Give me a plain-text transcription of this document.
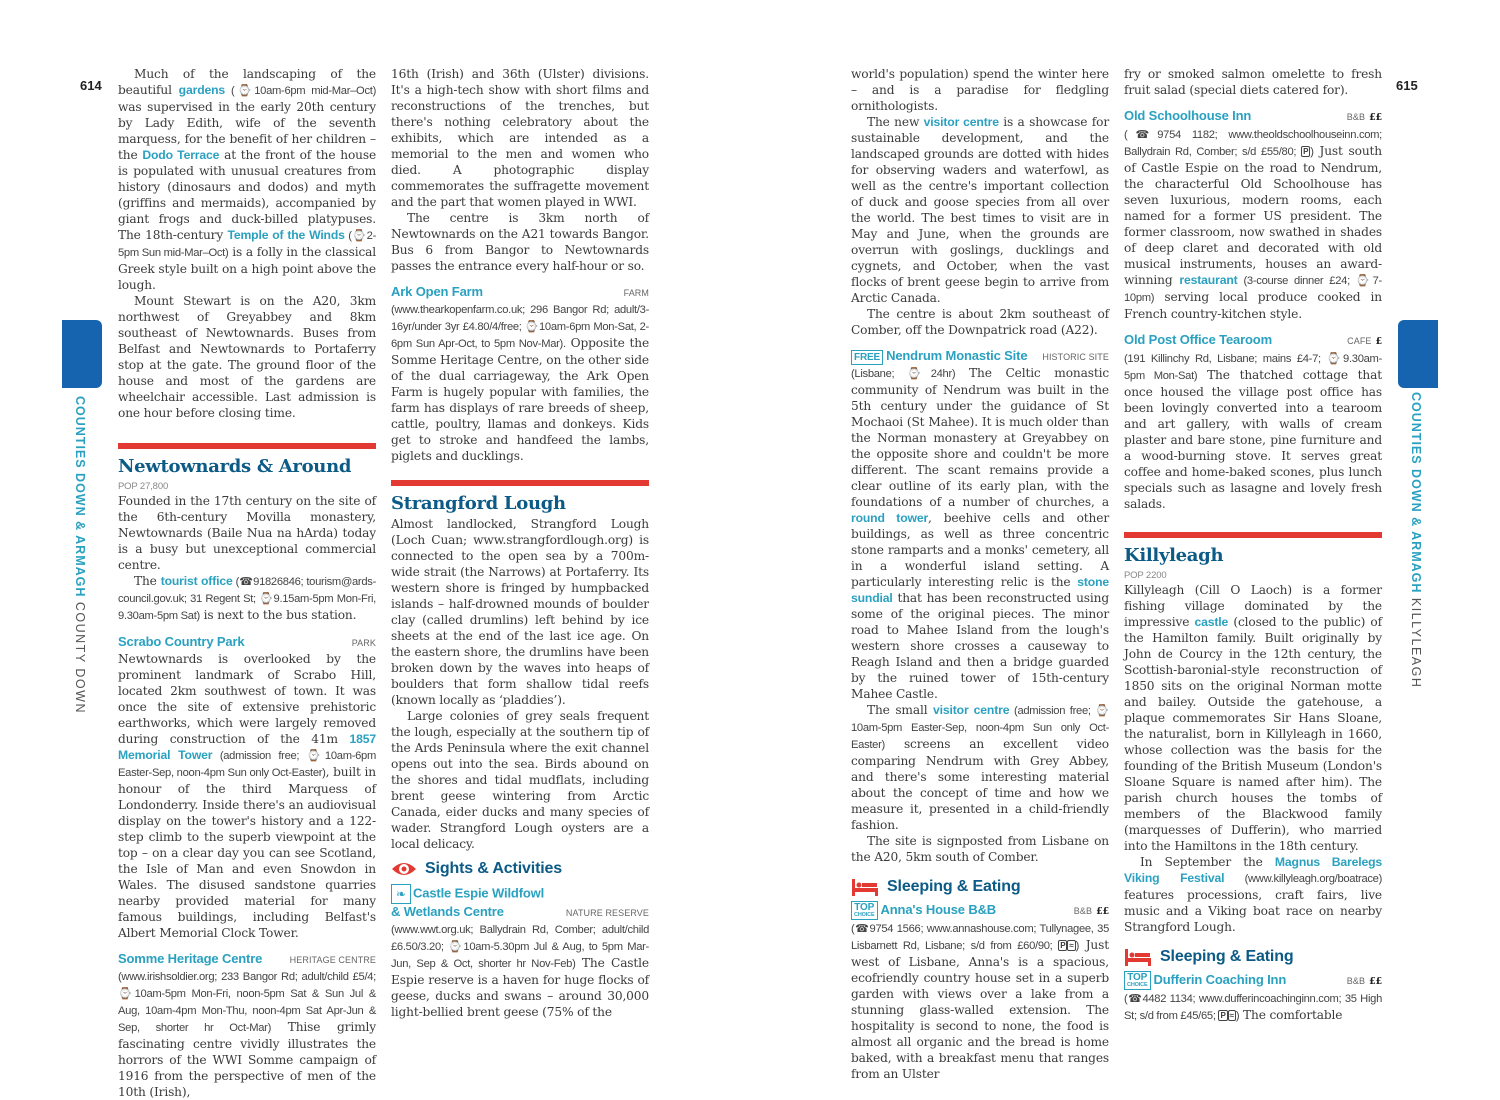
614	615
COUNTIES DOWN & ARMAGH COUNTY DOWN
COUNTIES DOWN & ARMAGH KILLYLEAGH

Much of the landscaping of the beautiful gardens (⌚10am-6pm mid-Mar–Oct) was supervised in the early 20th century by Lady Edith, wife of the seventh marquess, for the benefit of her children – the Dodo Terrace at the front of the house is populated with unusual creatures from history (dinosaurs and dodos) and myth (griffins and mermaids), accompanied by giant frogs and duck-billed platypuses. The 18th-century Temple of the Winds (⌚2-5pm Sun mid-Mar–Oct) is a folly in the classical Greek style built on a high point above the lough.

Mount Stewart is on the A20, 3km northwest of Greyabbey and 8km southeast of Newtownards. Buses from Belfast and Newtownards to Portaferry stop at the gate. The ground floor of the house and most of the gardens are wheelchair accessible. Last admission is one hour before closing time.

Newtownards & Around
POP 27,800

Founded in the 17th century on the site of the 6th-century Movilla monastery, Newtownards (Baile Nua na hArda) today is a busy but unexceptional commercial centre.

The tourist office (☎91826846; tourism@ards-council.gov.uk; 31 Regent St; ⌚9.15am-5pm Mon-Fri, 9.30am-5pm Sat) is next to the bus station.

Scrabo Country Park	PARK

Newtownards is overlooked by the prominent landmark of Scrabo Hill, located 2km southwest of town. It was once the site of extensive prehistoric earthworks, which were largely removed during construction of the 41m 1857 Memorial Tower (admission free; ⌚10am-6pm Easter-Sep, noon-4pm Sun only Oct-Easter), built in honour of the third Marquess of Londonderry. Inside there's an audiovisual display on the tower's history and a 122-step climb to the superb viewpoint at the top – on a clear day you can see Scotland, the Isle of Man and even Snowdon in Wales. The disused sandstone quarries nearby provided material for many famous buildings, including Belfast's Albert Memorial Clock Tower.

Somme Heritage Centre	HERITAGE CENTRE

(www.irishsoldier.org; 233 Bangor Rd; adult/child £5/4; ⌚10am-5pm Mon-Fri, noon-5pm Sat & Sun Jul & Aug, 10am-4pm Mon-Thu, noon-4pm Sat Apr-Jun & Sep, shorter hr Oct-Mar) Thise grimly fascinating centre vividly illustrates the horrors of the WWI Somme campaign of 1916 from the perspective of men of the 10th (Irish),

16th (Irish) and 36th (Ulster) divisions. It's a high-tech show with short films and reconstructions of the trenches, but there's nothing celebratory about the exhibits, which are intended as a memorial to the men and women who died. A photographic display commemorates the suffragette movement and the part that women played in WWI.

The centre is 3km north of Newtownards on the A21 towards Bangor. Bus 6 from Bangor to Newtownards passes the entrance every half-hour or so.

Ark Open Farm	FARM

(www.thearkopenfarm.co.uk; 296 Bangor Rd; adult/3-16yr/under 3yr £4.80/4/free; ⌚10am-6pm Mon-Sat, 2-6pm Sun Apr-Oct, to 5pm Nov-Mar). Opposite the Somme Heritage Centre, on the other side of the dual carriageway, the Ark Open Farm is hugely popular with families, the farm has displays of rare breeds of sheep, cattle, poultry, llamas and donkeys. Kids get to stroke and handfeed the lambs, piglets and ducklings.

Strangford Lough

Almost landlocked, Strangford Lough (Loch Cuan; www.strangfordlough.org) is connected to the open sea by a 700m-wide strait (the Narrows) at Portaferry. Its western shore is fringed by humpbacked islands – half-drowned mounds of boulder clay (called drumlins) left behind by ice sheets at the end of the last ice age. On the eastern shore, the drumlins have been broken down by the waves into heaps of boulders that form shallow tidal reefs (known locally as ‘pladdies’).

Large colonies of grey seals frequent the lough, especially at the southern tip of the Ards Peninsula where the exit channel opens out into the sea. Birds abound on the shores and tidal mudflats, including brent geese wintering from Arctic Canada, eider ducks and many species of wader. Strangford Lough oysters are a local delicacy.

Sights & Activities
❧ Castle Espie Wildfowl
& Wetlands Centre	NATURE RESERVE

(www.wwt.org.uk; Ballydrain Rd, Comber; adult/child £6.50/3.20; ⌚10am-5.30pm Jul & Aug, to 5pm Mar-Jun, Sep & Oct, shorter hr Nov-Feb) The Castle Espie reserve is a haven for huge flocks of geese, ducks and swans – around 30,000 light-bellied brent geese (75% of the

world's population) spend the winter here – and is a paradise for fledgling ornithologists.

The new visitor centre is a showcase for sustainable development, and the landscaped grounds are dotted with hides for observing waders and waterfowl, as well as the centre's important collection of duck and goose species from all over the world. The best times to visit are in May and June, when the grounds are overrun with goslings, ducklings and cygnets, and October, when the vast flocks of brent geese begin to arrive from Arctic Canada.

The centre is about 2km southeast of Comber, off the Downpatrick road (A22).

FREE Nendrum Monastic Site HISTORIC SITE

(Lisbane; ⌚24hr) The Celtic monastic community of Nendrum was built in the 5th century under the guidance of St Mochaoi (St Mahee). It is much older than the Norman monastery at Greyabbey on the opposite shore and couldn't be more different. The scant remains provide a clear outline of its early plan, with the foundations of a number of churches, a round tower, beehive cells and other buildings, as well as three concentric stone ramparts and a monks' cemetery, all in a wonderful island setting. A particularly interesting relic is the stone sundial that has been reconstructed using some of the original pieces. The minor road to Mahee Island from the lough's western shore crosses a causeway to Reagh Island and then a bridge guarded by the ruined tower of 15th-century Mahee Castle.

The small visitor centre (admission free; ⌚10am-5pm Easter-Sep, noon-4pm Sun only Oct-Easter) screens an excellent video comparing Nendrum with Grey Abbey, and there's some interesting material about the concept of time and how we measure it, presented in a child-friendly fashion.

The site is signposted from Lisbane on the A20, 5km south of Comber.

Sleeping & Eating
TOP
CHOICE Anna's House B&B	B&B ££

(☎9754 1566; www.annashouse.com; Tullynagee, 35 Lisbarnett Rd, Lisbane; s/d from £60/90; P ≈ ) Just west of Lisbane, Anna's is a spacious, ecofriendly country house set in a superb garden with views over a lake from a stunning glass-walled extension. The hospitality is second to none, the food is almost all organic and the bread is home baked, with a breakfast menu that ranges from an Ulster

fry or smoked salmon omelette to fresh fruit salad (special diets catered for).

Old Schoolhouse Inn	B&B ££

(☎9754 1182; www.theoldschoolhouseinn.com; Ballydrain Rd, Comber; s/d £55/80; P ) Just south of Castle Espie on the road to Nendrum, the characterful Old Schoolhouse has seven luxurious, modern rooms, each named for a former US president. The former classroom, now swathed in shades of deep claret and decorated with old musical instruments, houses an award-winning restaurant (3-course dinner £24; ⌚7-10pm) serving local produce cooked in French country-kitchen style.

Old Post Office Tearoom	CAFE £

(191 Killinchy Rd, Lisbane; mains £4-7; ⌚9.30am-5pm Mon-Sat) The thatched cottage that once housed the village post office has been lovingly converted into a tearoom and art gallery, with walls of cream plaster and bare stone, pine furniture and a wood-burning stove. It serves great coffee and home-baked scones, plus lunch specials such as lasagne and lovely fresh salads.

Killyleagh
POP 2200

Killyleagh (Cill O Laoch) is a former fishing village dominated by the impressive castle (closed to the public) of the Hamilton family. Built originally by John de Courcy in the 12th century, the Scottish-baronial-style reconstruction of 1850 sits on the original Norman motte and bailey. Outside the gatehouse, a plaque commemorates Sir Hans Sloane, the naturalist, born in Killyleagh in 1660, whose collection was the basis for the founding of the British Museum (London's Sloane Square is named after him). The parish church houses the tombs of members of the Blackwood family (marquesses of Dufferin), who married into the Hamiltons in the 18th century.

In September the Magnus Barelegs Viking Festival (www.killyleagh.org/boatrace) features processions, craft fairs, live music and a Viking boat race on nearby Strangford Lough.

Sleeping & Eating
TOP
CHOICE Dufferin Coaching Inn	B&B ££

(☎4482 1134; www.dufferincoachinginn.com; 35 High St; s/d from £45/65; P ≈ ) The comfortable
